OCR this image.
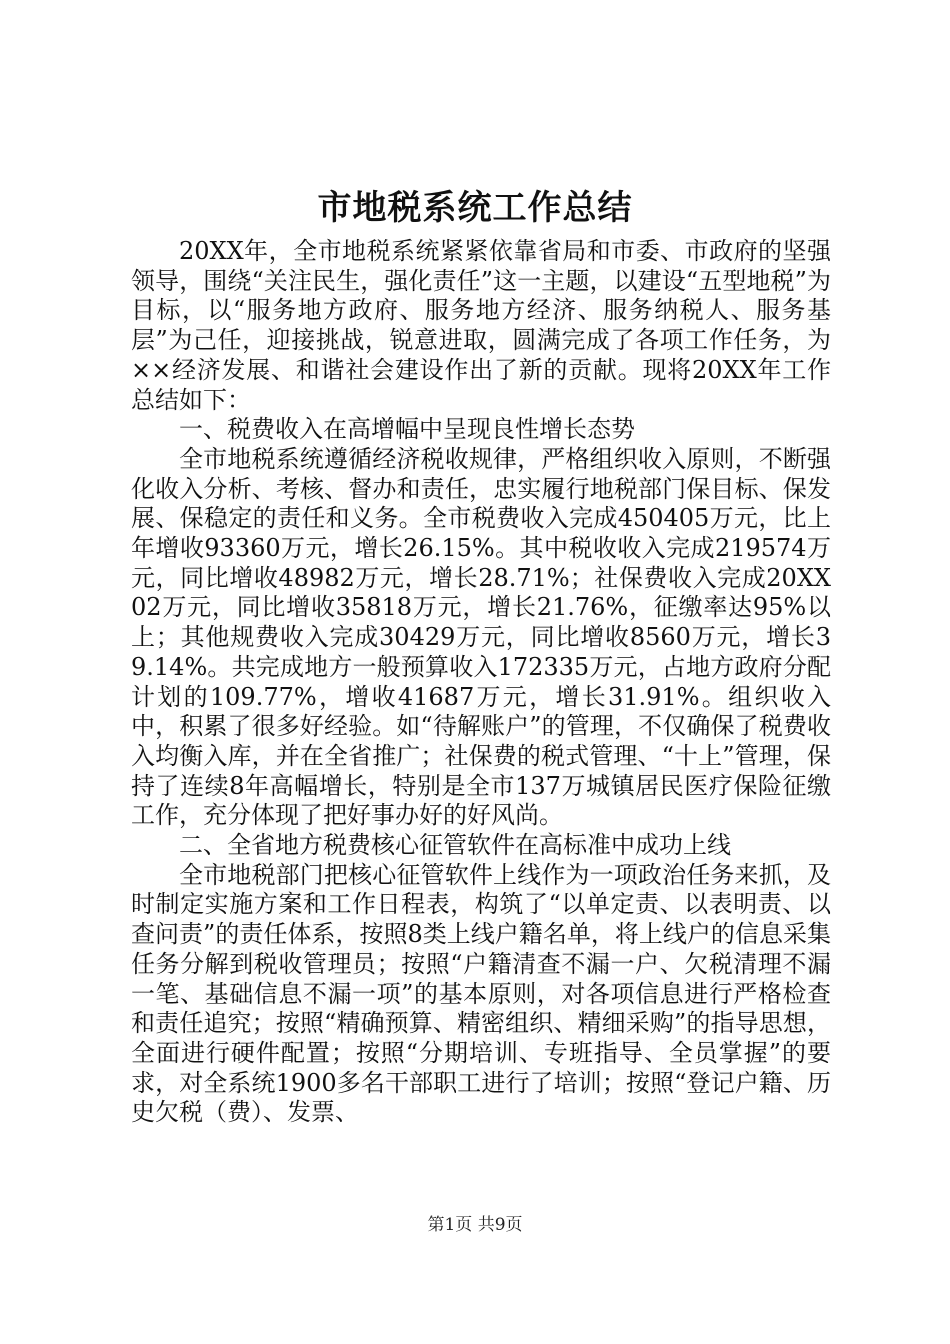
市地税系统工作总结

20XX年，全市地税系统紧紧依靠省局和市委、市政府的坚强领导，围绕“关注民生，强化责任”这一主题，以建设“五型地税”为目标，以“服务地方政府、服务地方经济、服务纳税人、服务基层”为己任，迎接挑战，锐意进取，圆满完成了各项工作任务，为××经济发展、和谐社会建设作出了新的贡献。现将20XX年工作总结如下：

一、税费收入在高增幅中呈现良性增长态势

全市地税系统遵循经济税收规律，严格组织收入原则，不断强化收入分析、考核、督办和责任，忠实履行地税部门保目标、保发展、保稳定的责任和义务。全市税费收入完成450405万元，比上年增收93360万元，增长26.15%。其中税收收入完成219574万元，同比增收48982万元，增长28.71%；社保费收入完成20XX02万元，同比增收35818万元，增长21.76%，征缴率达95%以上；其他规费收入完成30429万元，同比增收8560万元，增长39.14%。共完成地方一般预算收入172335万元，占地方政府分配计划的109.77%，增收41687万元，增长31.91%。组织收入中，积累了很多好经验。如“待解账户”的管理，不仅确保了税费收入均衡入库，并在全省推广；社保费的税式管理、“十上”管理，保持了连续8年高幅增长，特别是全市137万城镇居民医疗保险征缴工作，充分体现了把好事办好的好风尚。

二、全省地方税费核心征管软件在高标准中成功上线

全市地税部门把核心征管软件上线作为一项政治任务来抓，及时制定实施方案和工作日程表，构筑了“以单定责、以表明责、以查问责”的责任体系，按照8类上线户籍名单，将上线户的信息采集任务分解到税收管理员；按照“户籍清查不漏一户、欠税清理不漏一笔、基础信息不漏一项”的基本原则，对各项信息进行严格检查和责任追究；按照“精确预算、精密组织、精细采购”的指导思想，全面进行硬件配置；按照“分期培训、专班指导、全员掌握”的要求，对全系统1900多名干部职工进行了培训；按照“登记户籍、历史欠税（费）、发票、

第1页 共9页
